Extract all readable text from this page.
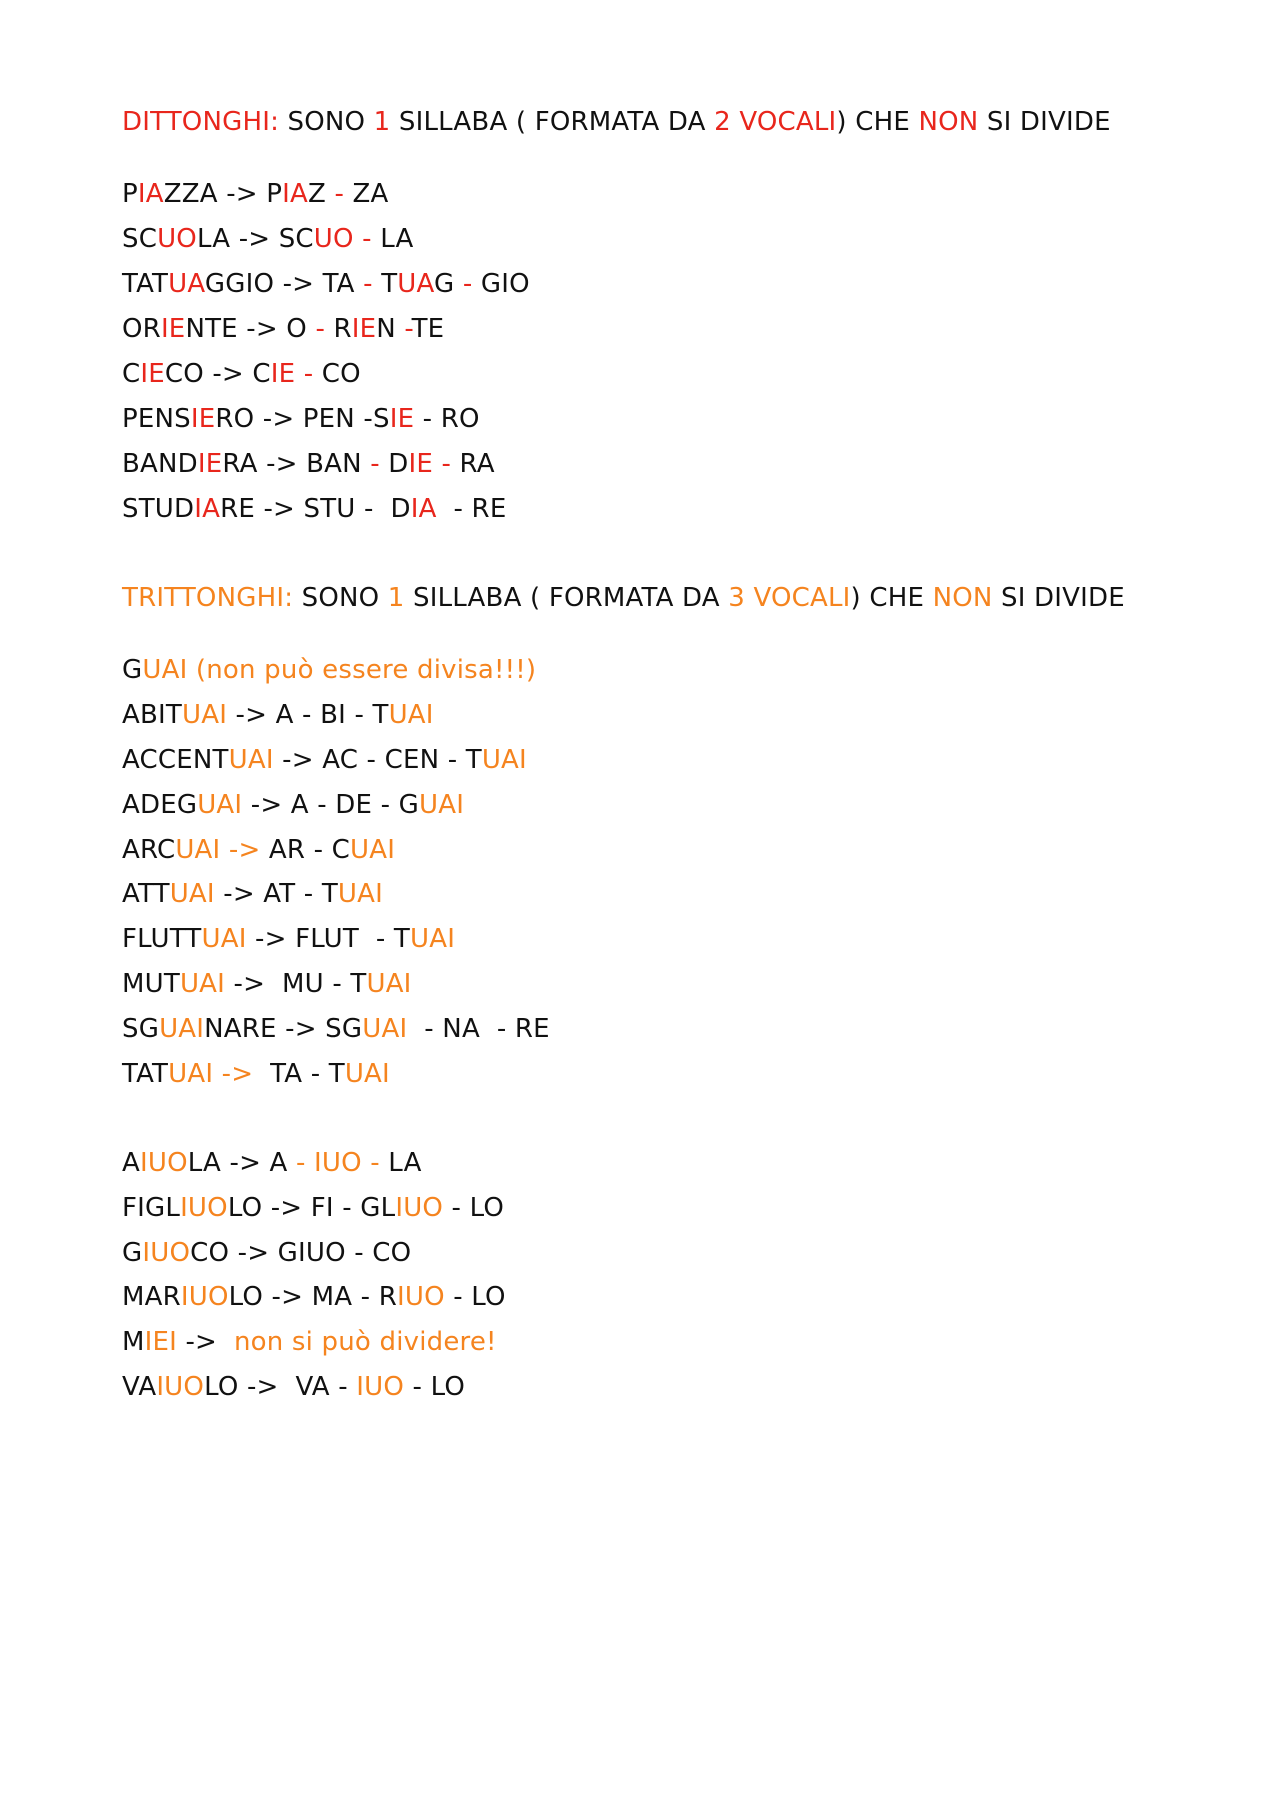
DITTONGHI: SONO 1 SILLABA ( FORMATA DA 2 VOCALI) CHE NON SI DIVIDE
PIAZZA -> PIAZ - ZA
SCUOLA -> SCUO - LA
TATUAGGIO -> TA - TUAG - GIO
ORIENTE -> O - RIEN -TE
CIECO -> CIE - CO
PENSIERO -> PEN -SIE - RO
BANDIERA -> BAN - DIE - RA
STUDIARE -> STU -  DIA  - RE
TRITTONGHI: SONO 1 SILLABA ( FORMATA DA 3 VOCALI) CHE NON SI DIVIDE
GUAI (non può essere divisa!!!)
ABITUAI -> A - BI - TUAI
ACCENTUAI -> AC - CEN - TUAI
ADEGUAI -> A - DE - GUAI
ARCUAI -> AR - CUAI
ATTUAI -> AT - TUAI
FLUTTUAI -> FLUT  - TUAI
MUTUAI ->  MU - TUAI
SGUAINARE -> SGUAI  - NA  - RE
TATUAI ->  TA - TUAI
AIUOLA -> A - IUO - LA
FIGLIUOLO -> FI - GLIUO - LO
GIUOCO -> GIUO - CO
MARIUOLO -> MA - RIUO - LO
MIEI ->  non si può dividere!
VAIUOLO ->  VA - IUO - LO
